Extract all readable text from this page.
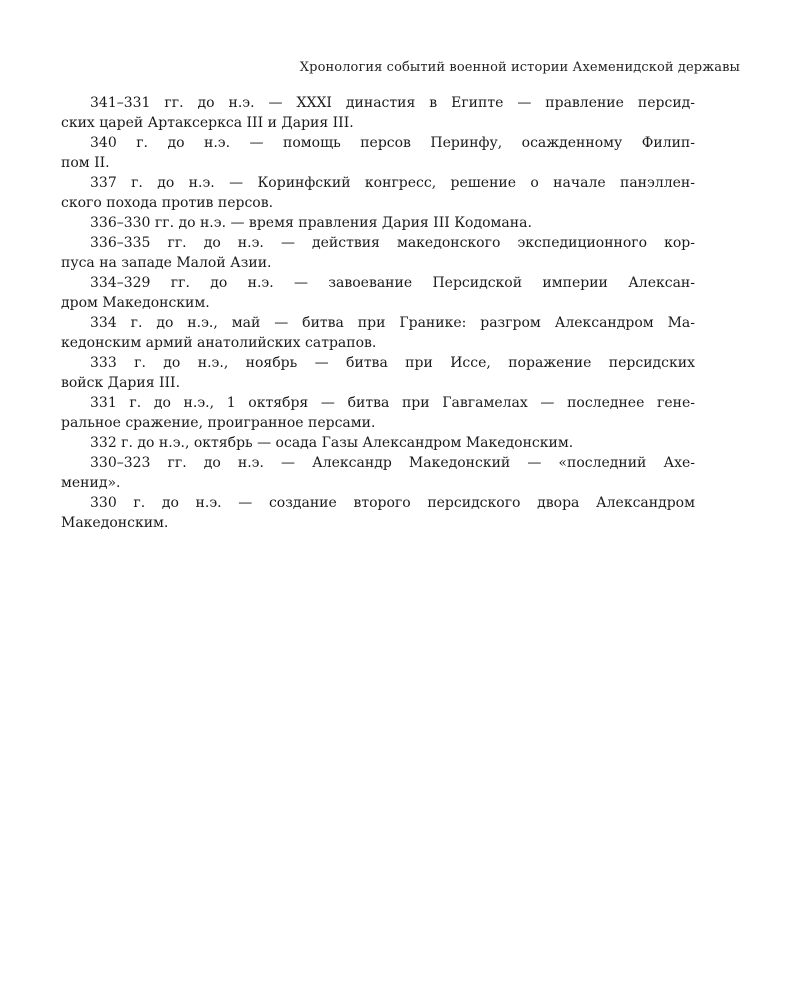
Хронология событий военной истории Ахеменидской державы
341–331 гг. до н.э. — XXXI династия в Египте — правление персид-
ских царей Артаксеркса III и Дария III.
340 г. до н.э. — помощь персов Перинфу, осажденному Филип-
пом II.
337 г. до н.э. — Коринфский конгресс, решение о начале панэллен-
ского похода против персов.
336–330 гг. до н.э. — время правления Дария III Кодомана.
336–335 гг. до н.э. — действия македонского экспедиционного кор-
пуса на западе Малой Азии.
334–329 гг. до н.э. — завоевание Персидской империи Алексан-
дром Македонским.
334 г. до н.э., май — битва при Гранике: разгром Александром Ма-
кедонским армий анатолийских сатрапов.
333 г. до н.э., ноябрь — битва при Иссе, поражение персидских
войск Дария III.
331 г. до н.э., 1 октября — битва при Гавгамелах — последнее гене-
ральное сражение, проигранное персами.
332 г. до н.э., октябрь — осада Газы Александром Македонским.
330–323 гг. до н.э. — Александр Македонский — «последний Ахе-
менид».
330 г. до н.э. — создание второго персидского двора Александром
Македонским.
